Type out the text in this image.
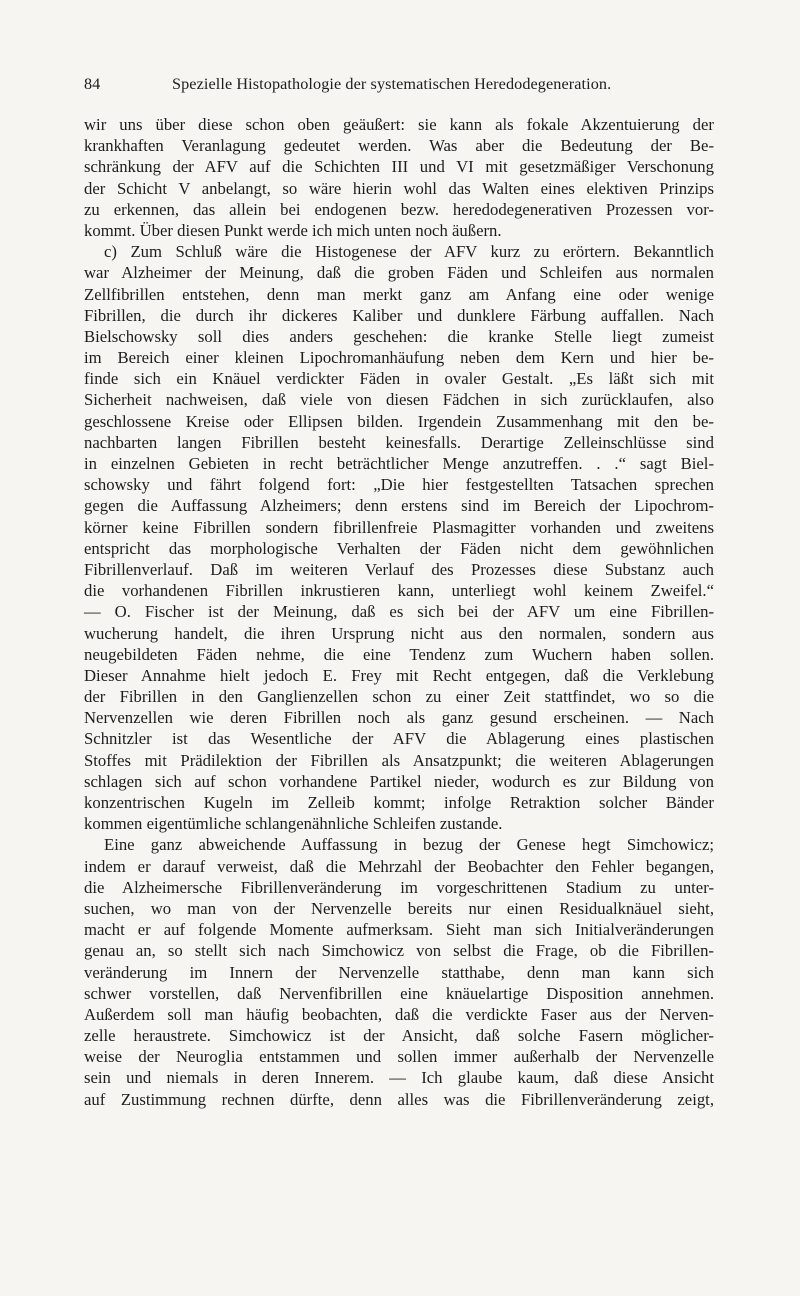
84	Spezielle Histopathologie der systematischen Heredodegeneration.
wir uns über diese schon oben geäußert: sie kann als fokale Akzentuierung der
krankhaften Veranlagung gedeutet werden. Was aber die Bedeutung der Be-
schränkung der AFV auf die Schichten III und VI mit gesetzmäßiger Verschonung
der Schicht V anbelangt, so wäre hierin wohl das Walten eines elektiven Prinzips
zu erkennen, das allein bei endogenen bezw. heredodegenerativen Prozessen vor-
kommt. Über diesen Punkt werde ich mich unten noch äußern.
c) Zum Schluß wäre die Histogenese der AFV kurz zu erörtern. Bekanntlich
war Alzheimer der Meinung, daß die groben Fäden und Schleifen aus normalen
Zellfibrillen entstehen, denn man merkt ganz am Anfang eine oder wenige
Fibrillen, die durch ihr dickeres Kaliber und dunklere Färbung auffallen. Nach
Bielschowsky soll dies anders geschehen: die kranke Stelle liegt zumeist
im Bereich einer kleinen Lipochromanhäufung neben dem Kern und hier be-
finde sich ein Knäuel verdickter Fäden in ovaler Gestalt. „Es läßt sich mit
Sicherheit nachweisen, daß viele von diesen Fädchen in sich zurücklaufen, also
geschlossene Kreise oder Ellipsen bilden. Irgendein Zusammenhang mit den be-
nachbarten langen Fibrillen besteht keinesfalls. Derartige Zelleinschlüsse sind
in einzelnen Gebieten in recht beträchtlicher Menge anzutreffen. . .“ sagt Biel-
schowsky und fährt folgend fort: „Die hier festgestellten Tatsachen sprechen
gegen die Auffassung Alzheimers; denn erstens sind im Bereich der Lipochrom-
körner keine Fibrillen sondern fibrillenfreie Plasmagitter vorhanden und zweitens
entspricht das morphologische Verhalten der Fäden nicht dem gewöhnlichen
Fibrillenverlauf. Daß im weiteren Verlauf des Prozesses diese Substanz auch
die vorhandenen Fibrillen inkrustieren kann, unterliegt wohl keinem Zweifel.“
— O. Fischer ist der Meinung, daß es sich bei der AFV um eine Fibrillen-
wucherung handelt, die ihren Ursprung nicht aus den normalen, sondern aus
neugebildeten Fäden nehme, die eine Tendenz zum Wuchern haben sollen.
Dieser Annahme hielt jedoch E. Frey mit Recht entgegen, daß die Verklebung
der Fibrillen in den Ganglienzellen schon zu einer Zeit stattfindet, wo so die
Nervenzellen wie deren Fibrillen noch als ganz gesund erscheinen. — Nach
Schnitzler ist das Wesentliche der AFV die Ablagerung eines plastischen
Stoffes mit Prädilektion der Fibrillen als Ansatzpunkt; die weiteren Ablagerungen
schlagen sich auf schon vorhandene Partikel nieder, wodurch es zur Bildung von
konzentrischen Kugeln im Zelleib kommt; infolge Retraktion solcher Bänder
kommen eigentümliche schlangenähnliche Schleifen zustande.
Eine ganz abweichende Auffassung in bezug der Genese hegt Simchowicz;
indem er darauf verweist, daß die Mehrzahl der Beobachter den Fehler begangen,
die Alzheimersche Fibrillenveränderung im vorgeschrittenen Stadium zu unter-
suchen, wo man von der Nervenzelle bereits nur einen Residualknäuel sieht,
macht er auf folgende Momente aufmerksam. Sieht man sich Initialveränderungen
genau an, so stellt sich nach Simchowicz von selbst die Frage, ob die Fibrillen-
veränderung im Innern der Nervenzelle statthabe, denn man kann sich
schwer vorstellen, daß Nervenfibrillen eine knäuelartige Disposition annehmen.
Außerdem soll man häufig beobachten, daß die verdickte Faser aus der Nerven-
zelle heraustrete. Simchowicz ist der Ansicht, daß solche Fasern möglicher-
weise der Neuroglia entstammen und sollen immer außerhalb der Nervenzelle
sein und niemals in deren Innerem. — Ich glaube kaum, daß diese Ansicht
auf Zustimmung rechnen dürfte, denn alles was die Fibrillenveränderung zeigt,
